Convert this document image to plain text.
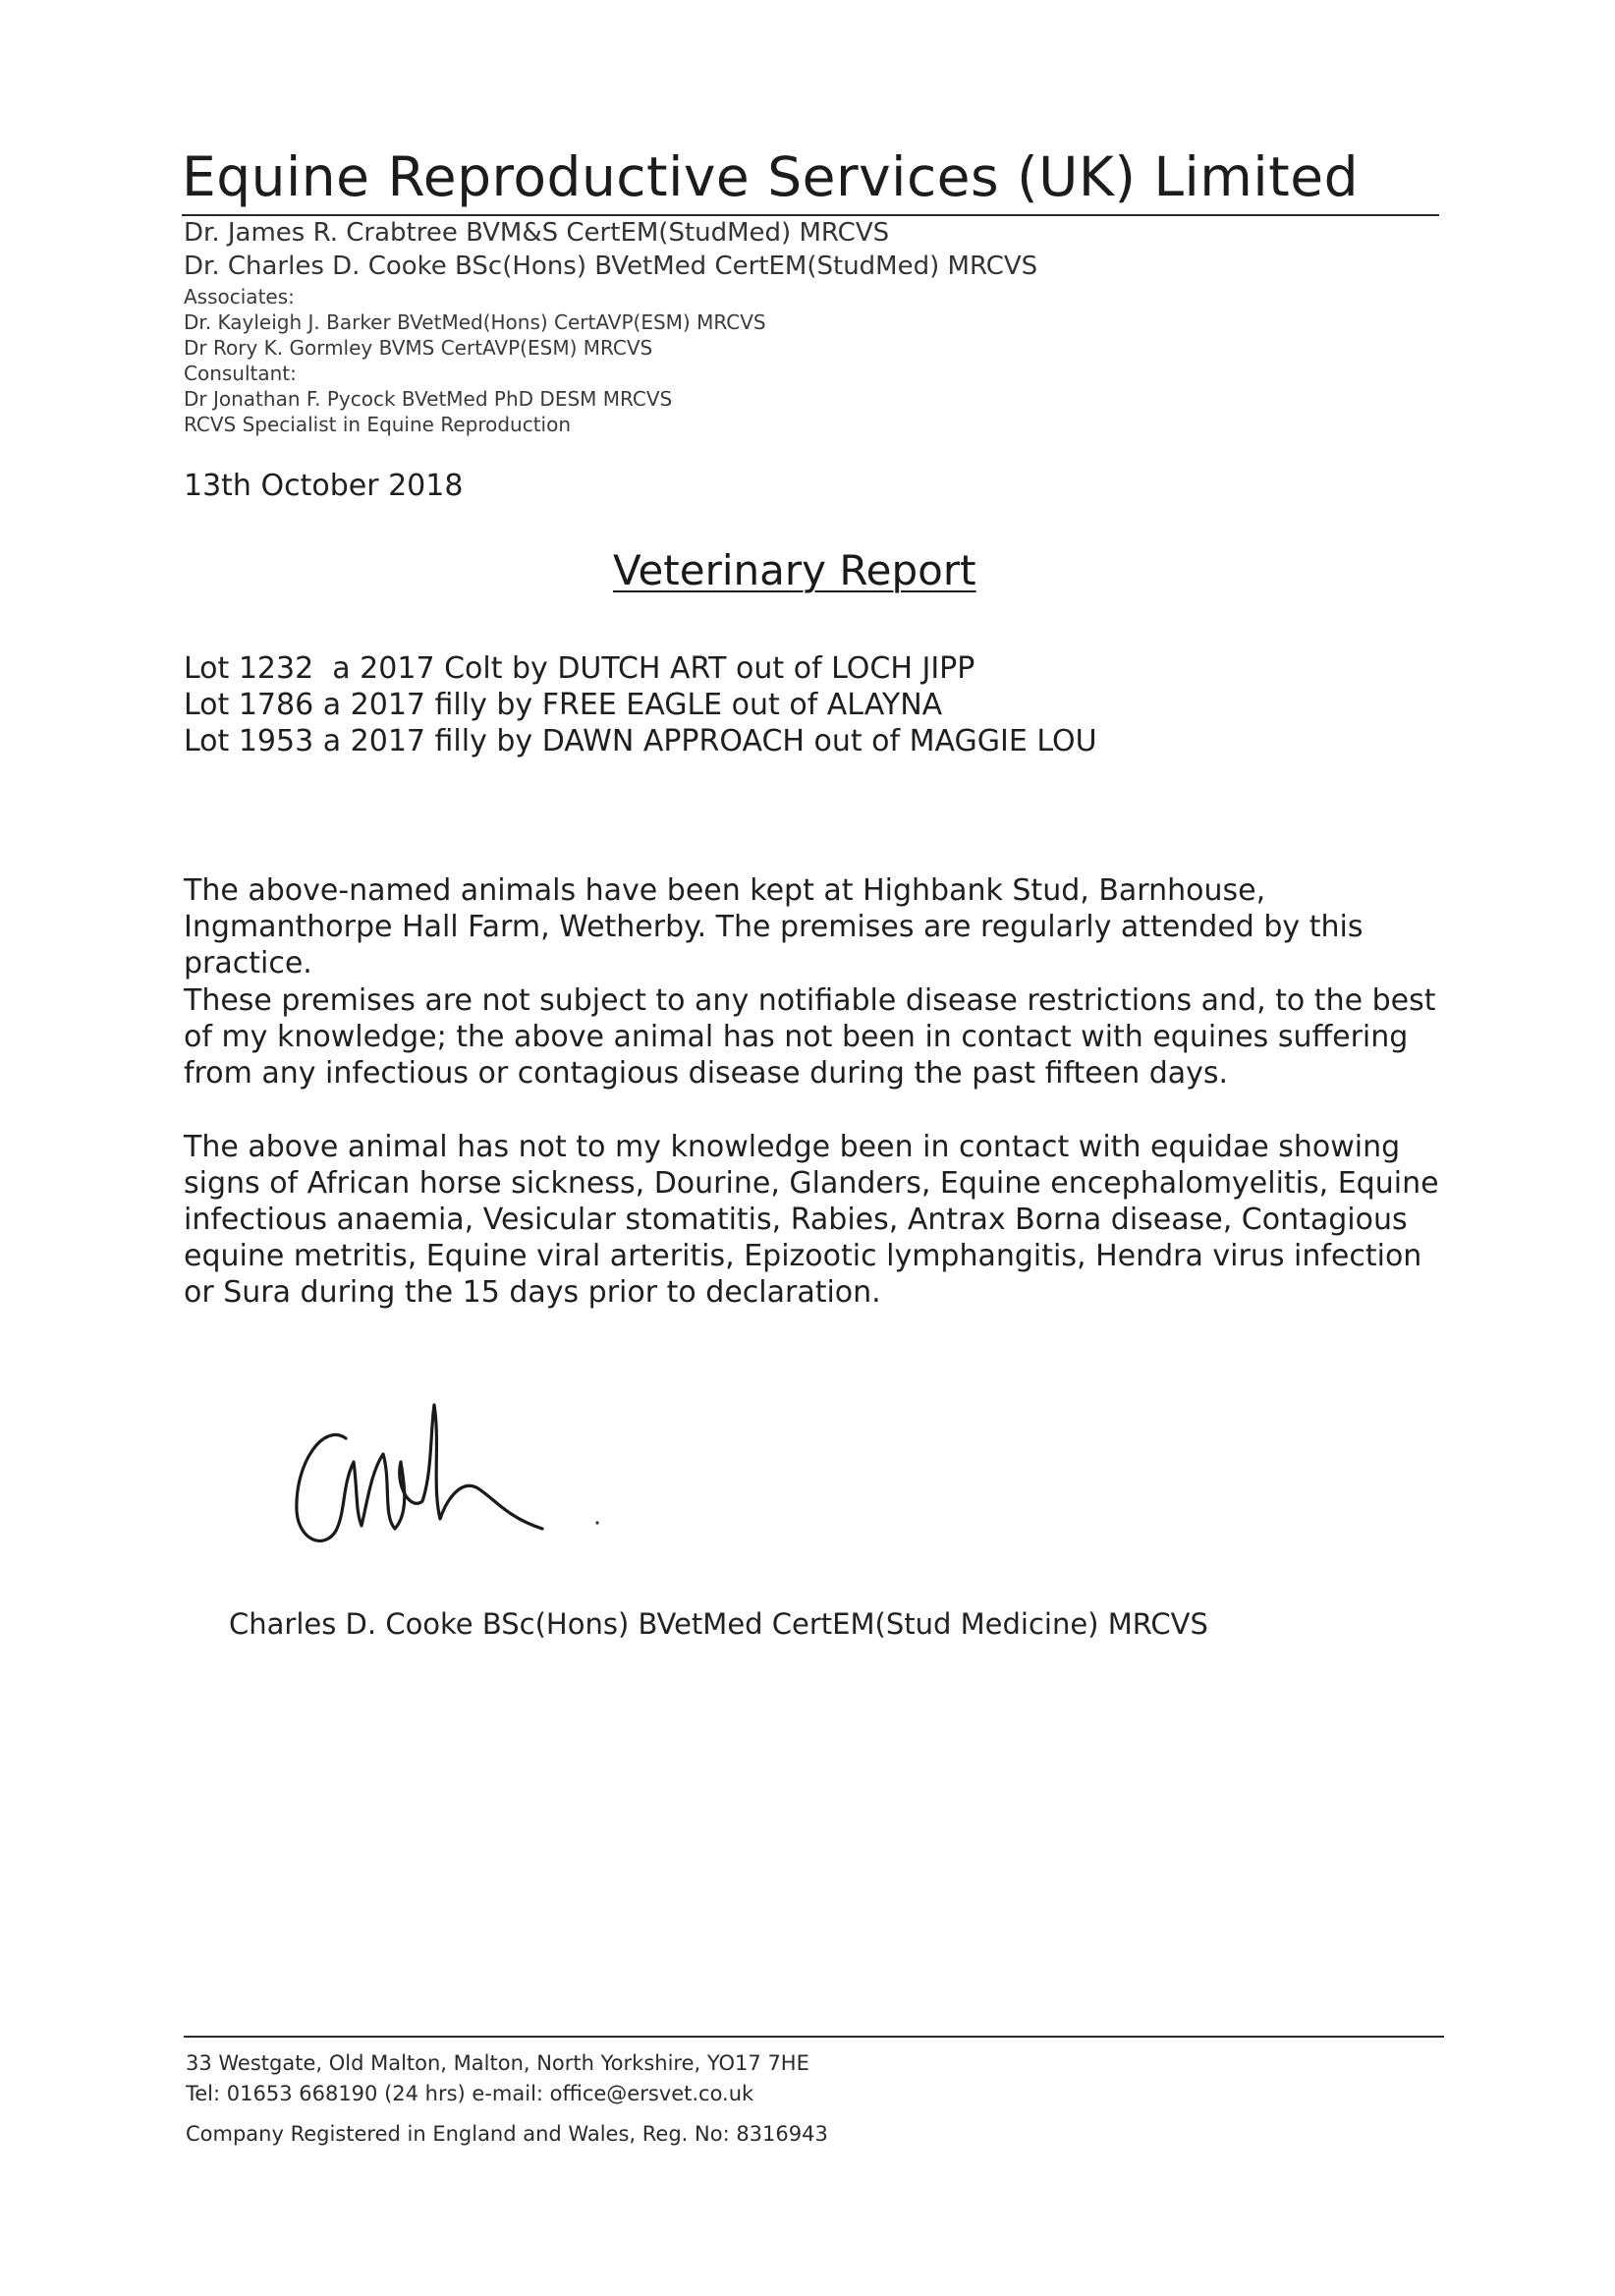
Equine Reproductive Services (UK) Limited
Dr. James R. Crabtree BVM&S CertEM(StudMed) MRCVS
Dr. Charles D. Cooke BSc(Hons) BVetMed CertEM(StudMed) MRCVS
Associates:
Dr. Kayleigh J. Barker BVetMed(Hons) CertAVP(ESM) MRCVS
Dr Rory K. Gormley BVMS CertAVP(ESM) MRCVS
Consultant:
Dr Jonathan F. Pycock BVetMed PhD DESM MRCVS
RCVS Specialist in Equine Reproduction
13th October 2018
Veterinary Report
Lot 1232  a 2017 Colt by DUTCH ART out of LOCH JIPP
Lot 1786 a 2017 filly by FREE EAGLE out of ALAYNA
Lot 1953 a 2017 filly by DAWN APPROACH out of MAGGIE LOU
The above-named animals have been kept at Highbank Stud, Barnhouse, Ingmanthorpe Hall Farm, Wetherby. The premises are regularly attended by this practice.
These premises are not subject to any notifiable disease restrictions and, to the best of my knowledge; the above animal has not been in contact with equines suffering from any infectious or contagious disease during the past fifteen days.
The above animal has not to my knowledge been in contact with equidae showing signs of African horse sickness, Dourine, Glanders, Equine encephalomyelitis, Equine infectious anaemia, Vesicular stomatitis, Rabies, Antrax Borna disease, Contagious equine metritis, Equine viral arteritis, Epizootic lymphangitis, Hendra virus infection or Sura during the 15 days prior to declaration.
Charles D. Cooke BSc(Hons) BVetMed CertEM(Stud Medicine) MRCVS
33 Westgate, Old Malton, Malton, North Yorkshire, YO17 7HE
Tel: 01653 668190 (24 hrs) e-mail: office@ersvet.co.uk
Company Registered in England and Wales, Reg. No: 8316943
